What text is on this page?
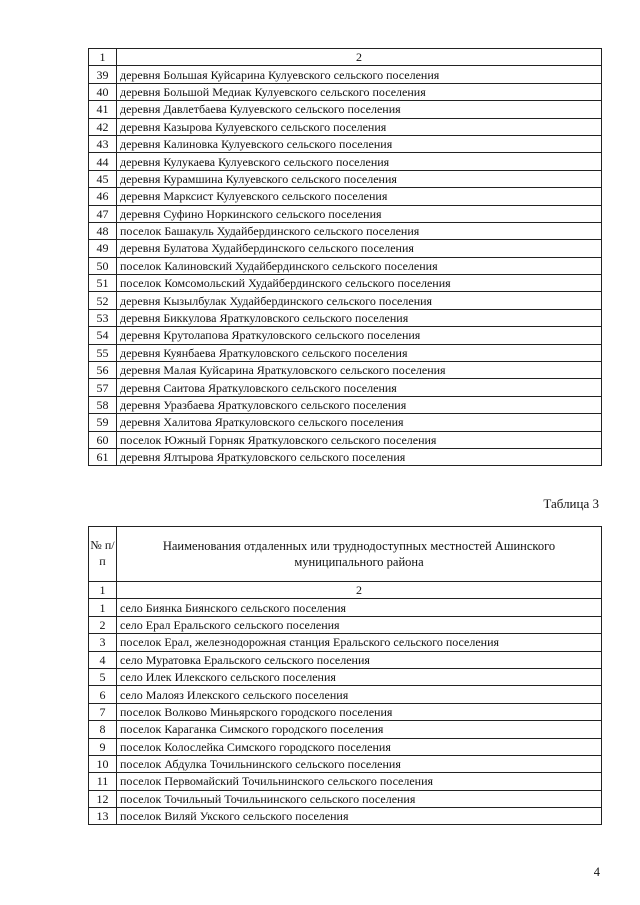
1	2
39	деревня Большая Куйсарина Кулуевского сельского поселения
40	деревня Большой Медиак Кулуевского сельского поселения
41	деревня Давлетбаева Кулуевского сельского поселения
42	деревня Казырова Кулуевского сельского поселения
43	деревня Калиновка Кулуевского сельского поселения
44	деревня Кулукаева Кулуевского сельского поселения
45	деревня Курамшина Кулуевского сельского поселения
46	деревня Марксист Кулуевского сельского поселения
47	деревня Суфино Норкинского сельского поселения
48	поселок Башакуль Худайбердинского сельского поселения
49	деревня Булатова Худайбердинского сельского поселения
50	поселок Калиновский Худайбердинского сельского поселения
51	поселок Комсомольский Худайбердинского сельского поселения
52	деревня Кызылбулак Худайбердинского сельского поселения
53	деревня Биккулова Яраткуловского сельского поселения
54	деревня Крутолапова Яраткуловского сельского поселения
55	деревня Куянбаева Яраткуловского сельского поселения
56	деревня Малая Куйсарина Яраткуловского сельского поселения
57	деревня Саитова Яраткуловского сельского поселения
58	деревня Уразбаева Яраткуловского сельского поселения
59	деревня Халитова Яраткуловского сельского поселения
60	поселок Южный Горняк Яраткуловского сельского поселения
61	деревня Ялтырова Яраткуловского сельского поселения
Таблица 3
№ п/п	Наименования отдаленных или труднодоступных местностей Ашинского муниципального района
1	2
1	село Биянка Биянского сельского поселения
2	село Ерал Еральского сельского поселения
3	поселок Ерал, железнодорожная станция Еральского сельского поселения
4	село Муратовка Еральского сельского поселения
5	село Илек Илекского сельского поселения
6	село Малояз Илекского сельского поселения
7	поселок Волково Миньярского городского поселения
8	поселок Караганка Симского городского поселения
9	поселок Колослейка Симского городского поселения
10	поселок Абдулка Точильнинского сельского поселения
11	поселок Первомайский Точильнинского сельского поселения
12	поселок Точильный Точильнинского сельского поселения
13	поселок Виляй Укского сельского поселения
4
